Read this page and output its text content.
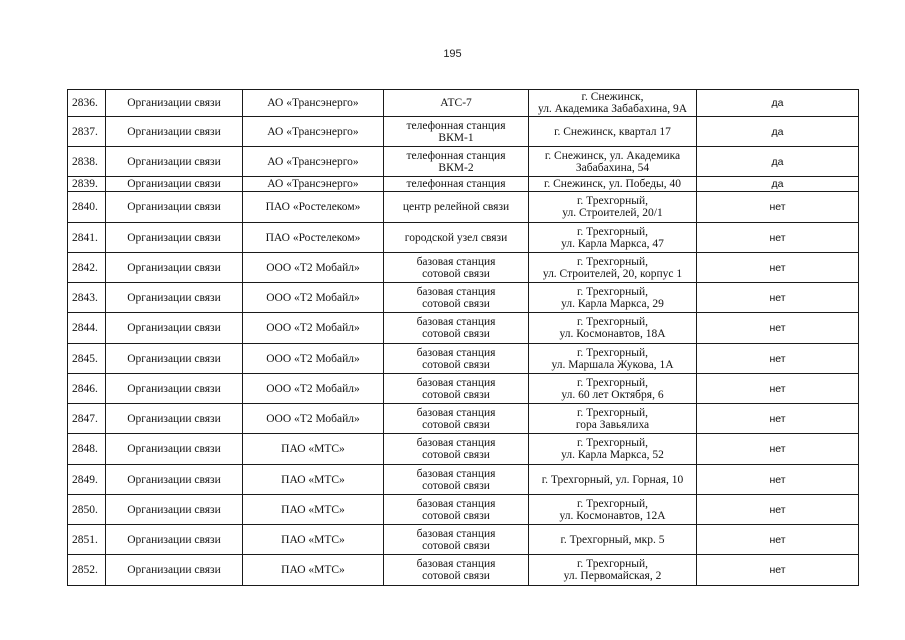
195
2836.	Организации связи	АО «Трансэнерго»	АТС-7	г. Снежинск,
ул. Академика Забабахина, 9А	да
2837.	Организации связи	АО «Трансэнерго»	телефонная станция
ВКМ-1	г. Снежинск, квартал 17	да
2838.	Организации связи	АО «Трансэнерго»	телефонная станция
ВКМ-2	г. Снежинск, ул. Академика
Забабахина, 54	да
2839.	Организации связи	АО «Трансэнерго»	телефонная станция	г. Снежинск, ул. Победы, 40	да
2840.	Организации связи	ПАО «Ростелеком»	центр релейной связи	г. Трехгорный,
ул. Строителей, 20/1	нет
2841.	Организации связи	ПАО «Ростелеком»	городской узел связи	г. Трехгорный,
ул. Карла Маркса, 47	нет
2842.	Организации связи	ООО «Т2 Мобайл»	базовая станция
сотовой связи	г. Трехгорный,
ул. Строителей, 20, корпус 1	нет
2843.	Организации связи	ООО «Т2 Мобайл»	базовая станция
сотовой связи	г. Трехгорный,
ул. Карла Маркса, 29	нет
2844.	Организации связи	ООО «Т2 Мобайл»	базовая станция
сотовой связи	г. Трехгорный,
ул. Космонавтов, 18А	нет
2845.	Организации связи	ООО «Т2 Мобайл»	базовая станция
сотовой связи	г. Трехгорный,
ул. Маршала Жукова, 1А	нет
2846.	Организации связи	ООО «Т2 Мобайл»	базовая станция
сотовой связи	г. Трехгорный,
ул. 60 лет Октября, 6	нет
2847.	Организации связи	ООО «Т2 Мобайл»	базовая станция
сотовой связи	г. Трехгорный,
гора Завьялиха	нет
2848.	Организации связи	ПАО «МТС»	базовая станция
сотовой связи	г. Трехгорный,
ул. Карла Маркса, 52	нет
2849.	Организации связи	ПАО «МТС»	базовая станция
сотовой связи	г. Трехгорный, ул. Горная, 10	нет
2850.	Организации связи	ПАО «МТС»	базовая станция
сотовой связи	г. Трехгорный,
ул. Космонавтов, 12А	нет
2851.	Организации связи	ПАО «МТС»	базовая станция
сотовой связи	г. Трехгорный, мкр. 5	нет
2852.	Организации связи	ПАО «МТС»	базовая станция
сотовой связи	г. Трехгорный,
ул. Первомайская, 2	нет
